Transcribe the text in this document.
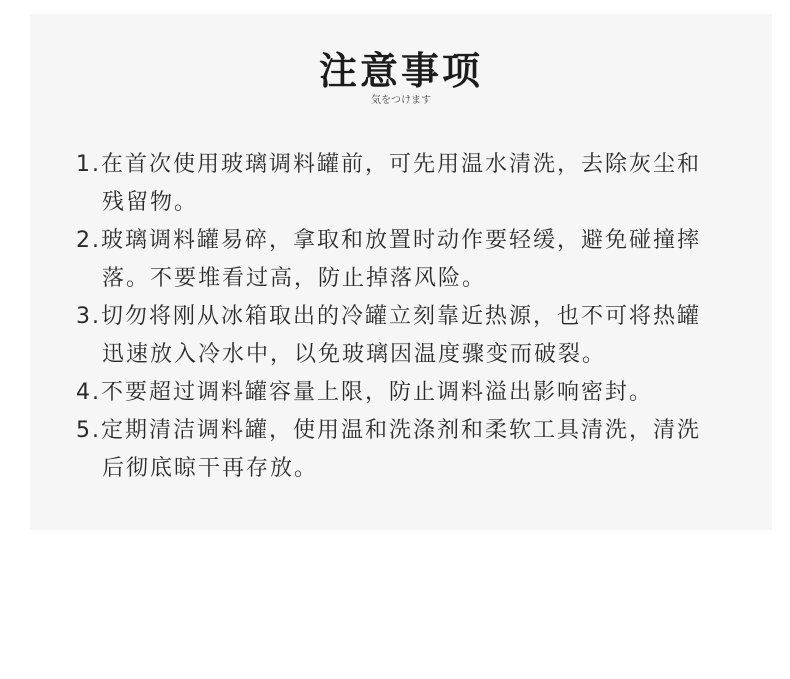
注意事项
気をつけます
1.在首次使用玻璃调料罐前，可先用温水清洗，去除灰尘和残留物。
2.玻璃调料罐易碎，拿取和放置时动作要轻缓，避免碰撞摔落。不要堆看过高，防止掉落风险。
3.切勿将刚从冰箱取出的冷罐立刻靠近热源，也不可将热罐迅速放入冷水中，以免玻璃因温度骤变而破裂。
4.不要超过调料罐容量上限，防止调料溢出影响密封。
5.定期清洁调料罐，使用温和洗涤剂和柔软工具清洗，清洗后彻底晾干再存放。
